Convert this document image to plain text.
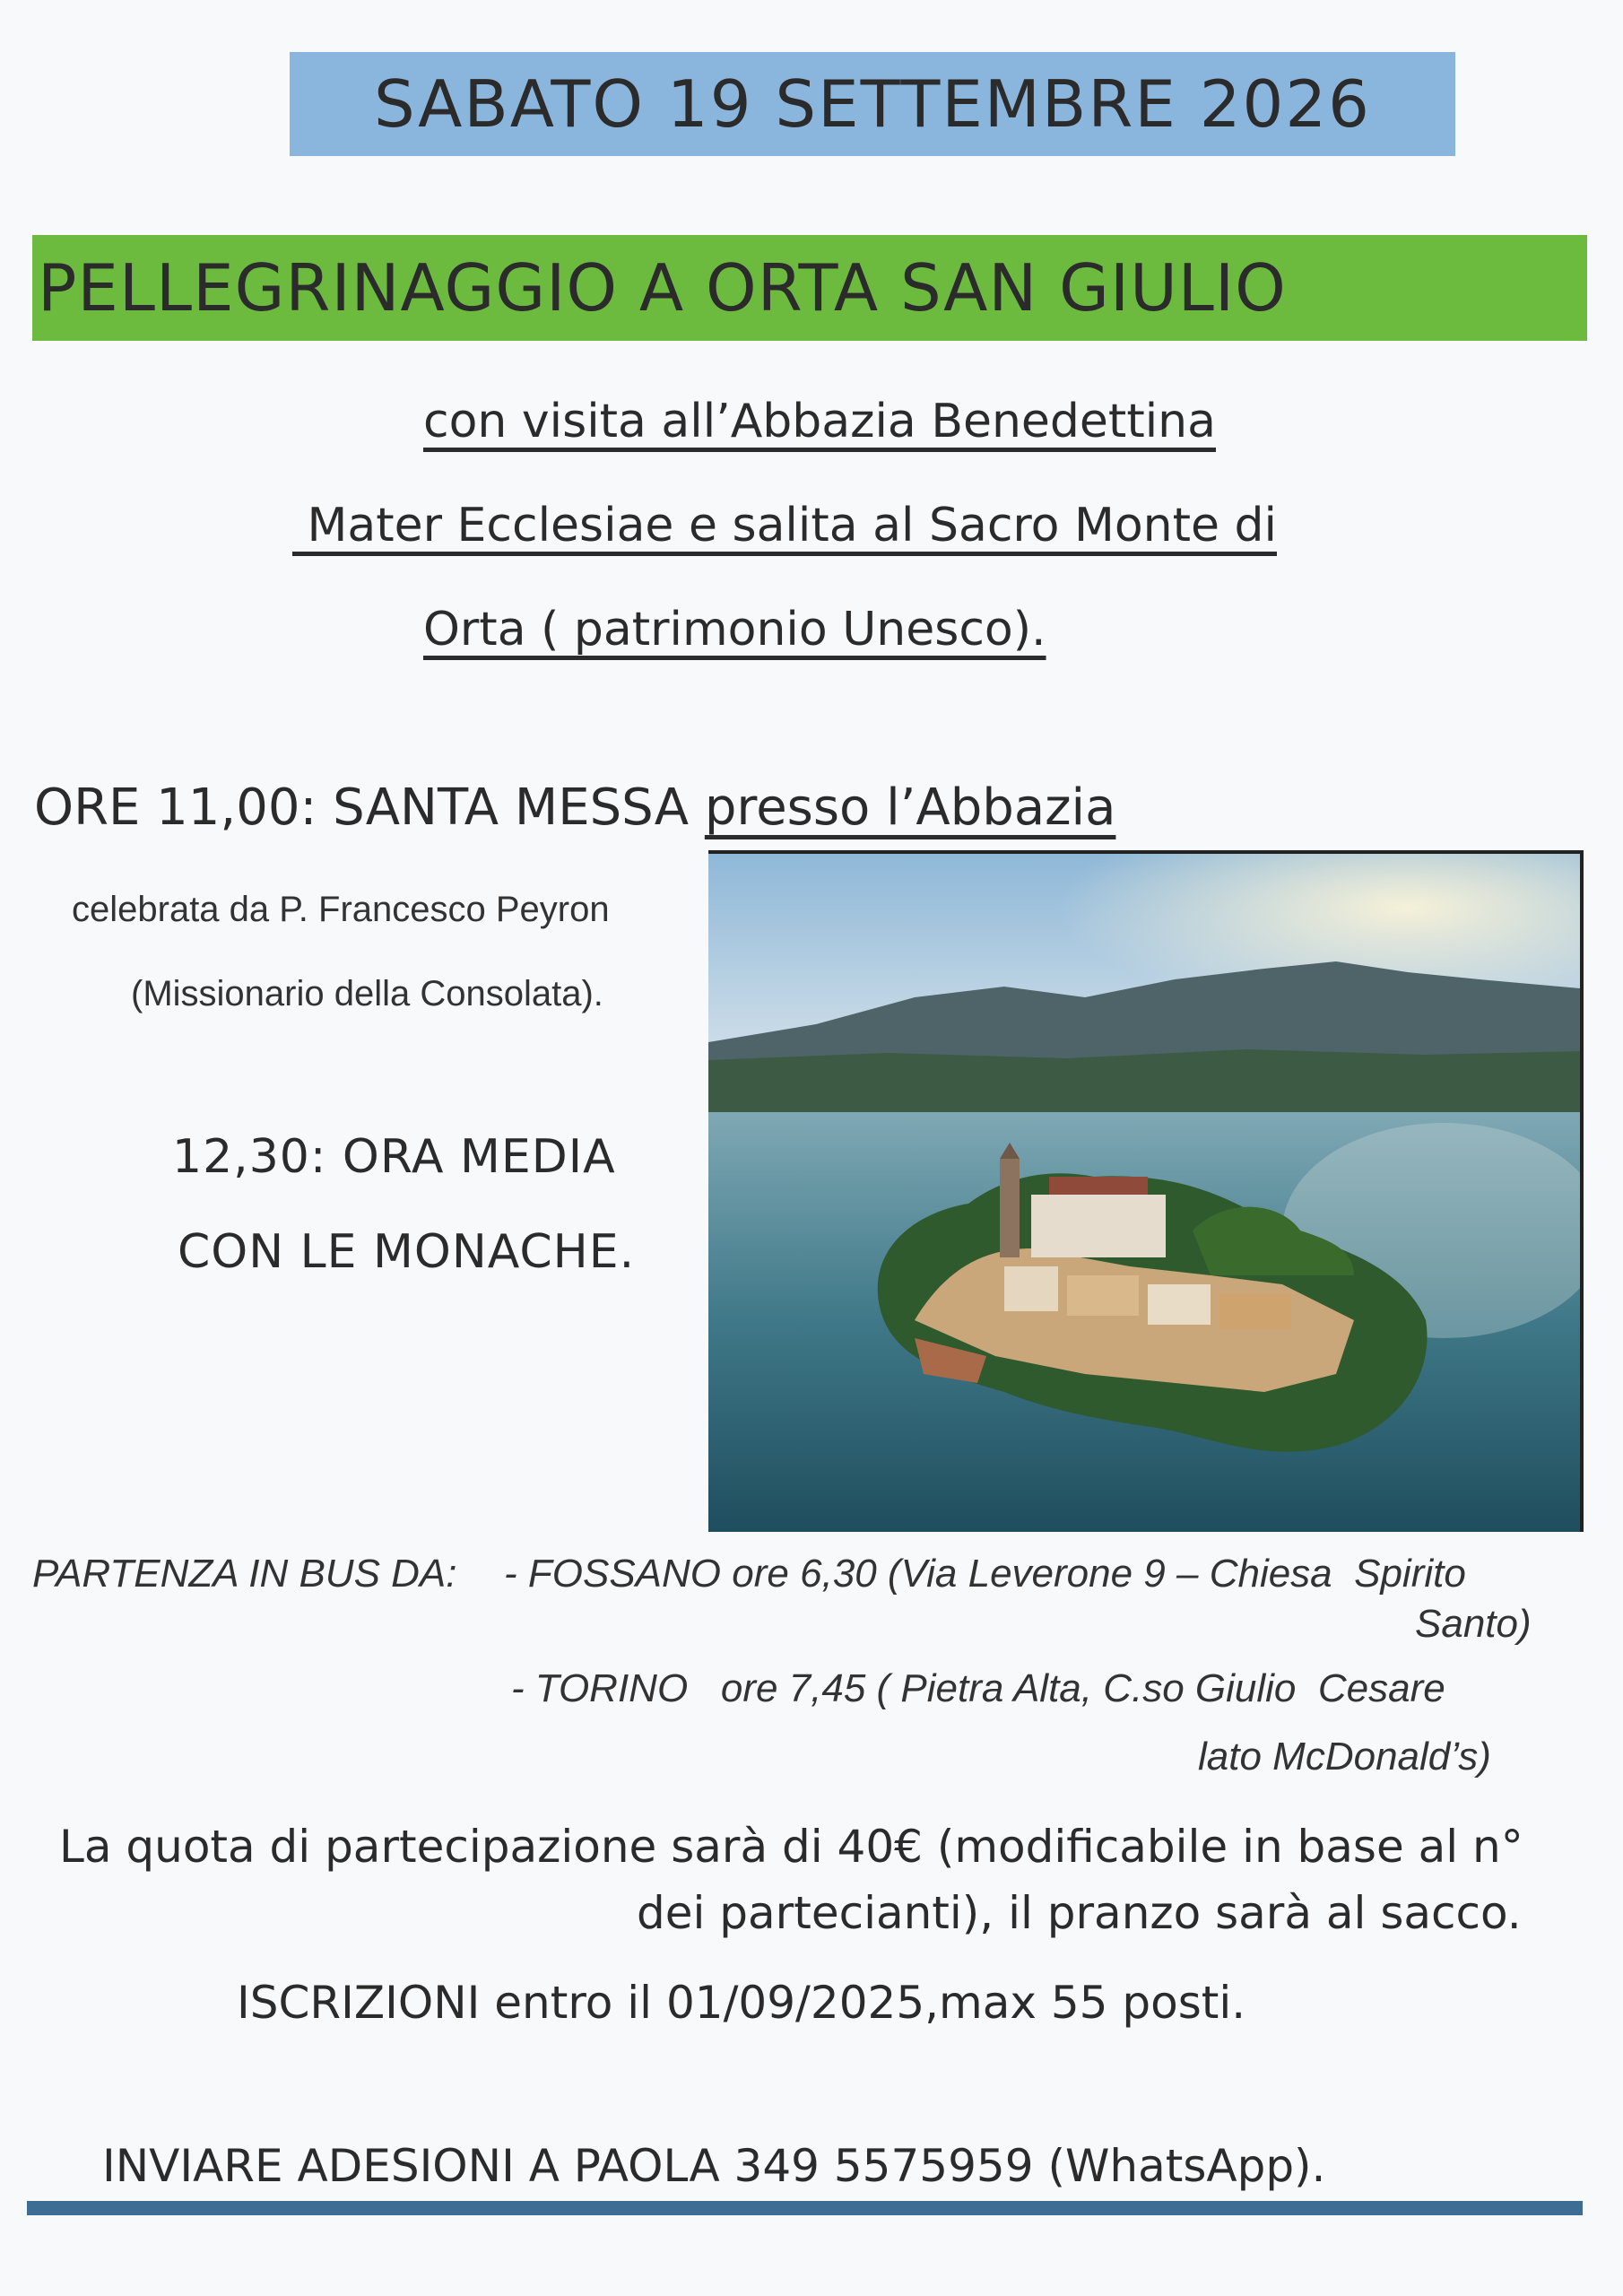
SABATO 19 SETTEMBRE 2026
PELLEGRINAGGIO A ORTA SAN GIULIO
con visita all’Abbazia Benedettina
Mater Ecclesiae e salita al Sacro Monte di
Orta ( patrimonio Unesco).
ORE 11,00: SANTA MESSA presso l’Abbazia
celebrata da P. Francesco Peyron
(Missionario della Consolata).
12,30: ORA MEDIA
CON LE MONACHE.
PARTENZA IN BUS DA: - FOSSANO ore 6,30 (Via Leverone 9 – Chiesa  Spirito
Santo)
- TORINO   ore 7,45 ( Pietra Alta, C.so Giulio  Cesare
lato McDonald’s)
La quota di partecipazione sarà di 40€ (modificabile in base al n°
dei partecianti), il pranzo sarà al sacco.
ISCRIZIONI entro il 01/09/2025,max 55 posti.
INVIARE ADESIONI A PAOLA 349 5575959 (WhatsApp).
